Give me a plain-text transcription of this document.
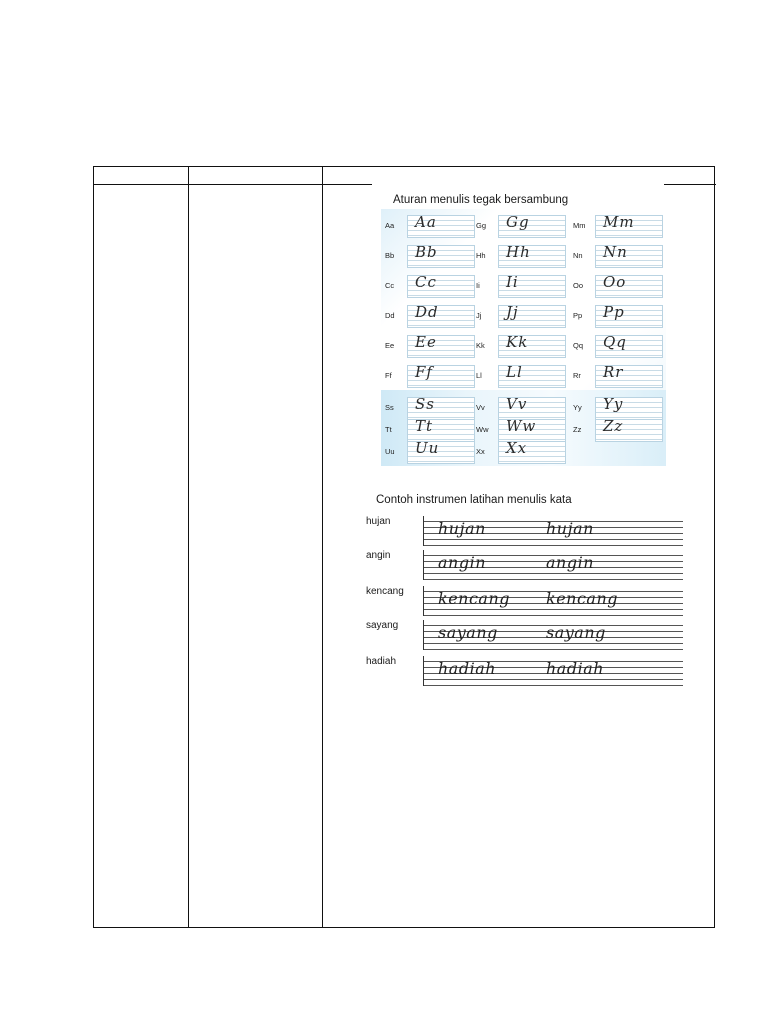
Aturan menulis tegak bersambung
Aa Aa
Bb Bb
Cc Cc
Dd Dd
Ee Ee
Ff Ff
Gg Gg
Hh Hh
Ii Ii
Jj Jj
Kk Kk
Ll Ll
Mm Mm
Nn Nn
Oo Oo
Pp Pp
Qq Qq
Rr Rr
Ss Ss
Tt Tt
Uu Uu
Vv Vv
Ww Ww
Xx Xx
Yy Yy
Zz Zz
Contoh instrumen latihan menulis kata
hujan	hujan	hujan
angin	angin	angin
kencang kencang kencang
sayang sayang	sayang
hadiah	hadiah	hadiah
